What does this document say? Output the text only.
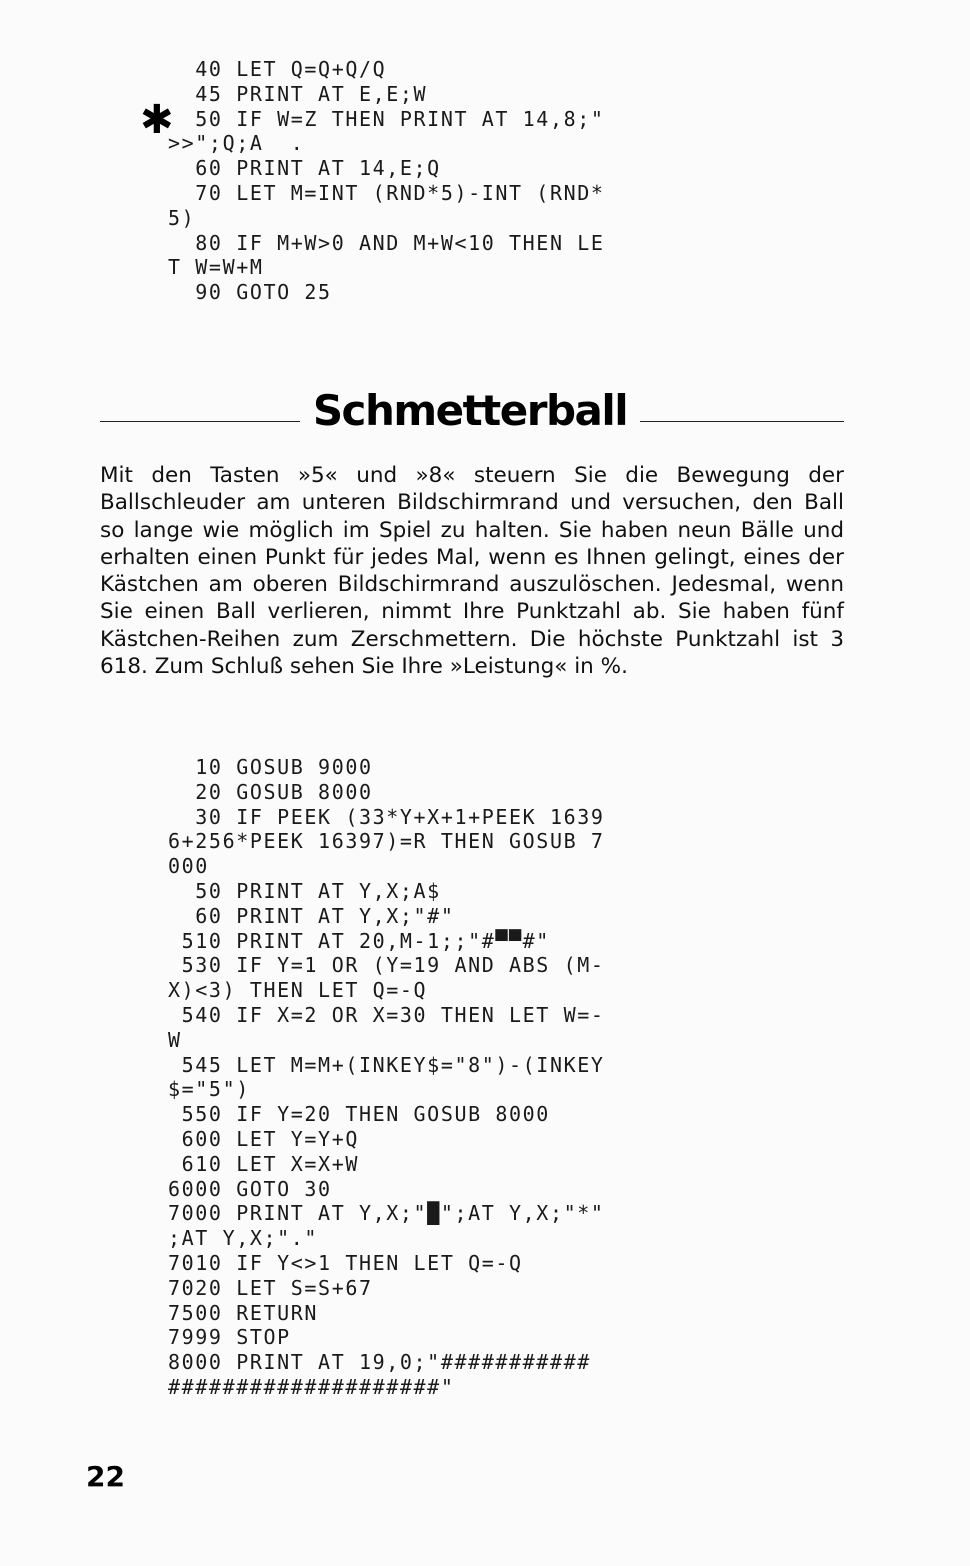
40 LET Q=Q+Q/Q
45 PRINT AT E,E;W
50 IF W=Z THEN PRINT AT 14,8;"
>>";Q;A  .
60 PRINT AT 14,E;Q
70 LET M=INT (RND*5)-INT (RND*
5)
80 IF M+W>0 AND M+W<10 THEN LE
T W=W+M
90 GOTO 25
✱
Schmetterball

Mit den Tasten »5« und »8« steuern Sie die Bewegung der Ballschleuder am unteren Bildschirmrand und versuchen, den Ball so lange wie möglich im Spiel zu halten. Sie haben neun Bälle und erhalten einen Punkt für jedes Mal, wenn es Ihnen gelingt, eines der Kästchen am oberen Bildschirmrand auszulöschen. Jedesmal, wenn Sie einen Ball verlieren, nimmt Ihre Punktzahl ab. Sie haben fünf Kästchen-Reihen zum Zerschmettern. Die höchste Punktzahl ist 3 618. Zum Schluß sehen Sie Ihre »Leistung« in %.

10 GOSUB 9000
20 GOSUB 8000
30 IF PEEK (33*Y+X+1+PEEK 1639
6+256*PEEK 16397)=R THEN GOSUB 7
000
50 PRINT AT Y,X;A$
60 PRINT AT Y,X;"#"
510 PRINT AT 20,M-1;;"#▀▀#"
530 IF Y=1 OR (Y=19 AND ABS (M-
X)<3) THEN LET Q=-Q
540 IF X=2 OR X=30 THEN LET W=-
W
545 LET M=M+(INKEY$="8")-(INKEY
$="5")
550 IF Y=20 THEN GOSUB 8000
600 LET Y=Y+Q
610 LET X=X+W
6000 GOTO 30
7000 PRINT AT Y,X;"█";AT Y,X;"*"
;AT Y,X;"."
7010 IF Y<>1 THEN LET Q=-Q
7020 LET S=S+67
7500 RETURN
7999 STOP
8000 PRINT AT 19,0;"###########
####################"
22
